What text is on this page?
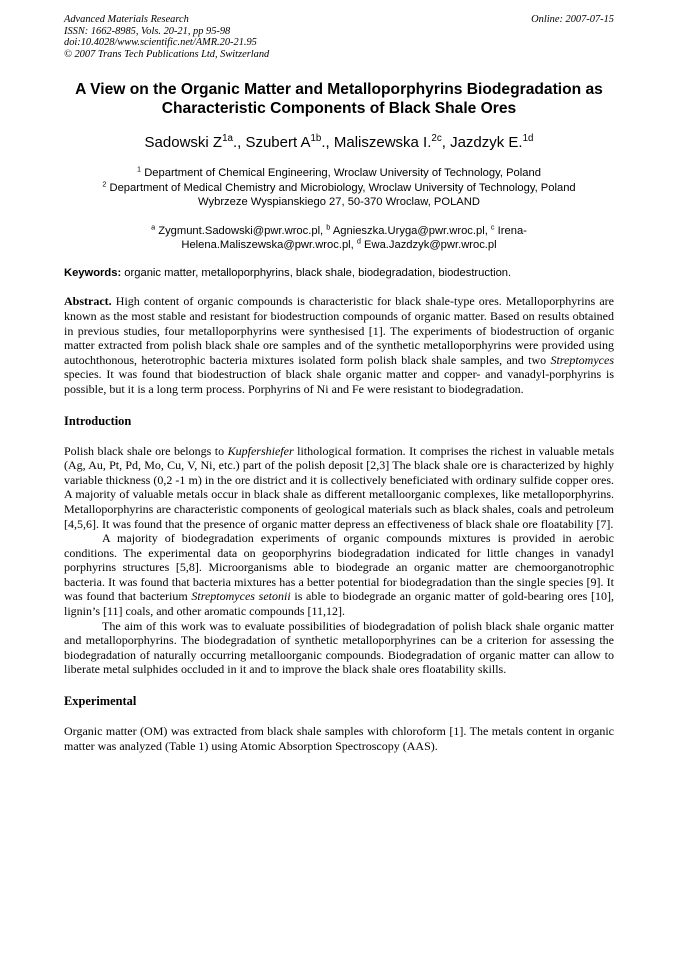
Advanced Materials Research
ISSN: 1662-8985, Vols. 20-21, pp 95-98
doi:10.4028/www.scientific.net/AMR.20-21.95
© 2007 Trans Tech Publications Ltd, Switzerland
Online: 2007-07-15
A View on the Organic Matter and Metalloporphyrins Biodegradation as
Characteristic Components of Black Shale Ores
Sadowski $Z^{1a}$., Szubert $A^{1b}$., Maliszewska I.$^{2c}$, Jazdzyk E.$^{1d}$
$^1$ Department of Chemical Engineering, Wroclaw University of Technology, Poland
$^2$ Department of Medical Chemistry and Microbiology, Wroclaw University of Technology, Poland
Wybrzeze Wyspianskiego 27, 50-370 Wroclaw, POLAND
$^a$ Zygmunt.Sadowski@pwr.wroc.pl, $^b$ Agnieszka.Uryga@pwr.wroc.pl, $^c$ Irena-
Helena.Maliszewska@pwr.wroc.pl, $^d$ Ewa.Jazdzyk@pwr.wroc.pl
Keywords: organic matter, metalloporphyrins, black shale, biodegradation, biodestruction.
Abstract. High content of organic compounds is characteristic for black shale-type ores. Metalloporphyrins are known as the most stable and resistant for biodestruction compounds of organic matter. Based on results obtained in previous studies, four metalloporphyrins were synthesised [1]. The experiments of biodestruction of organic matter extracted from polish black shale ore samples and of the synthetic metalloporphyrins were provided using autochthonous, heterotrophic bacteria mixtures isolated form polish black shale samples, and two Streptomyces species. It was found that biodestruction of black shale organic matter and copper- and vanadyl-porphyrins is possible, but it is a long term process. Porphyrins of Ni and Fe were resistant to biodegradation.
Introduction

Polish black shale ore belongs to Kupfershiefer lithological formation. It comprises the richest in valuable metals (Ag, Au, Pt, Pd, Mo, Cu, V, Ni, etc.) part of the polish deposit [2,3] The black shale ore is characterized by highly variable thickness (0,2 -1 m) in the ore district and it is collectively beneficiated with ordinary sulfide copper ores. A majority of valuable metals occur in black shale as different metalloorganic complexes, like metalloporphyrins. Metalloporphyrins are characteristic components of geological materials such as black shales, coals and petroleum [4,5,6]. It was found that the presence of organic matter depress an effectiveness of black shale ore floatability [7].

A majority of biodegradation experiments of organic compounds mixtures is provided in aerobic conditions. The experimental data on geoporphyrins biodegradation indicated for little changes in vanadyl porphyrins structures [5,8]. Microorganisms able to biodegrade an organic matter are chemoorganotrophic bacteria. It was found that bacteria mixtures has a better potential for biodegradation than the single species [9]. It was found that bacterium Streptomyces setonii is able to biodegrade an organic matter of gold-bearing ores [10], lignin’s [11] coals, and other aromatic compounds [11,12].

The aim of this work was to evaluate possibilities of biodegradation of polish black shale organic matter and metalloporphyrins. The biodegradation of synthetic metalloporphyrines can be a criterion for assessing the biodegradation of naturally occurring metalloorganic compounds. Biodegradation of organic matter can allow to liberate metal sulphides occluded in it and to improve the black shale ores floatability skills.

Experimental

Organic matter (OM) was extracted from black shale samples with chloroform [1]. The metals content in organic matter was analyzed (Table 1) using Atomic Absorption Spectroscopy (AAS).
